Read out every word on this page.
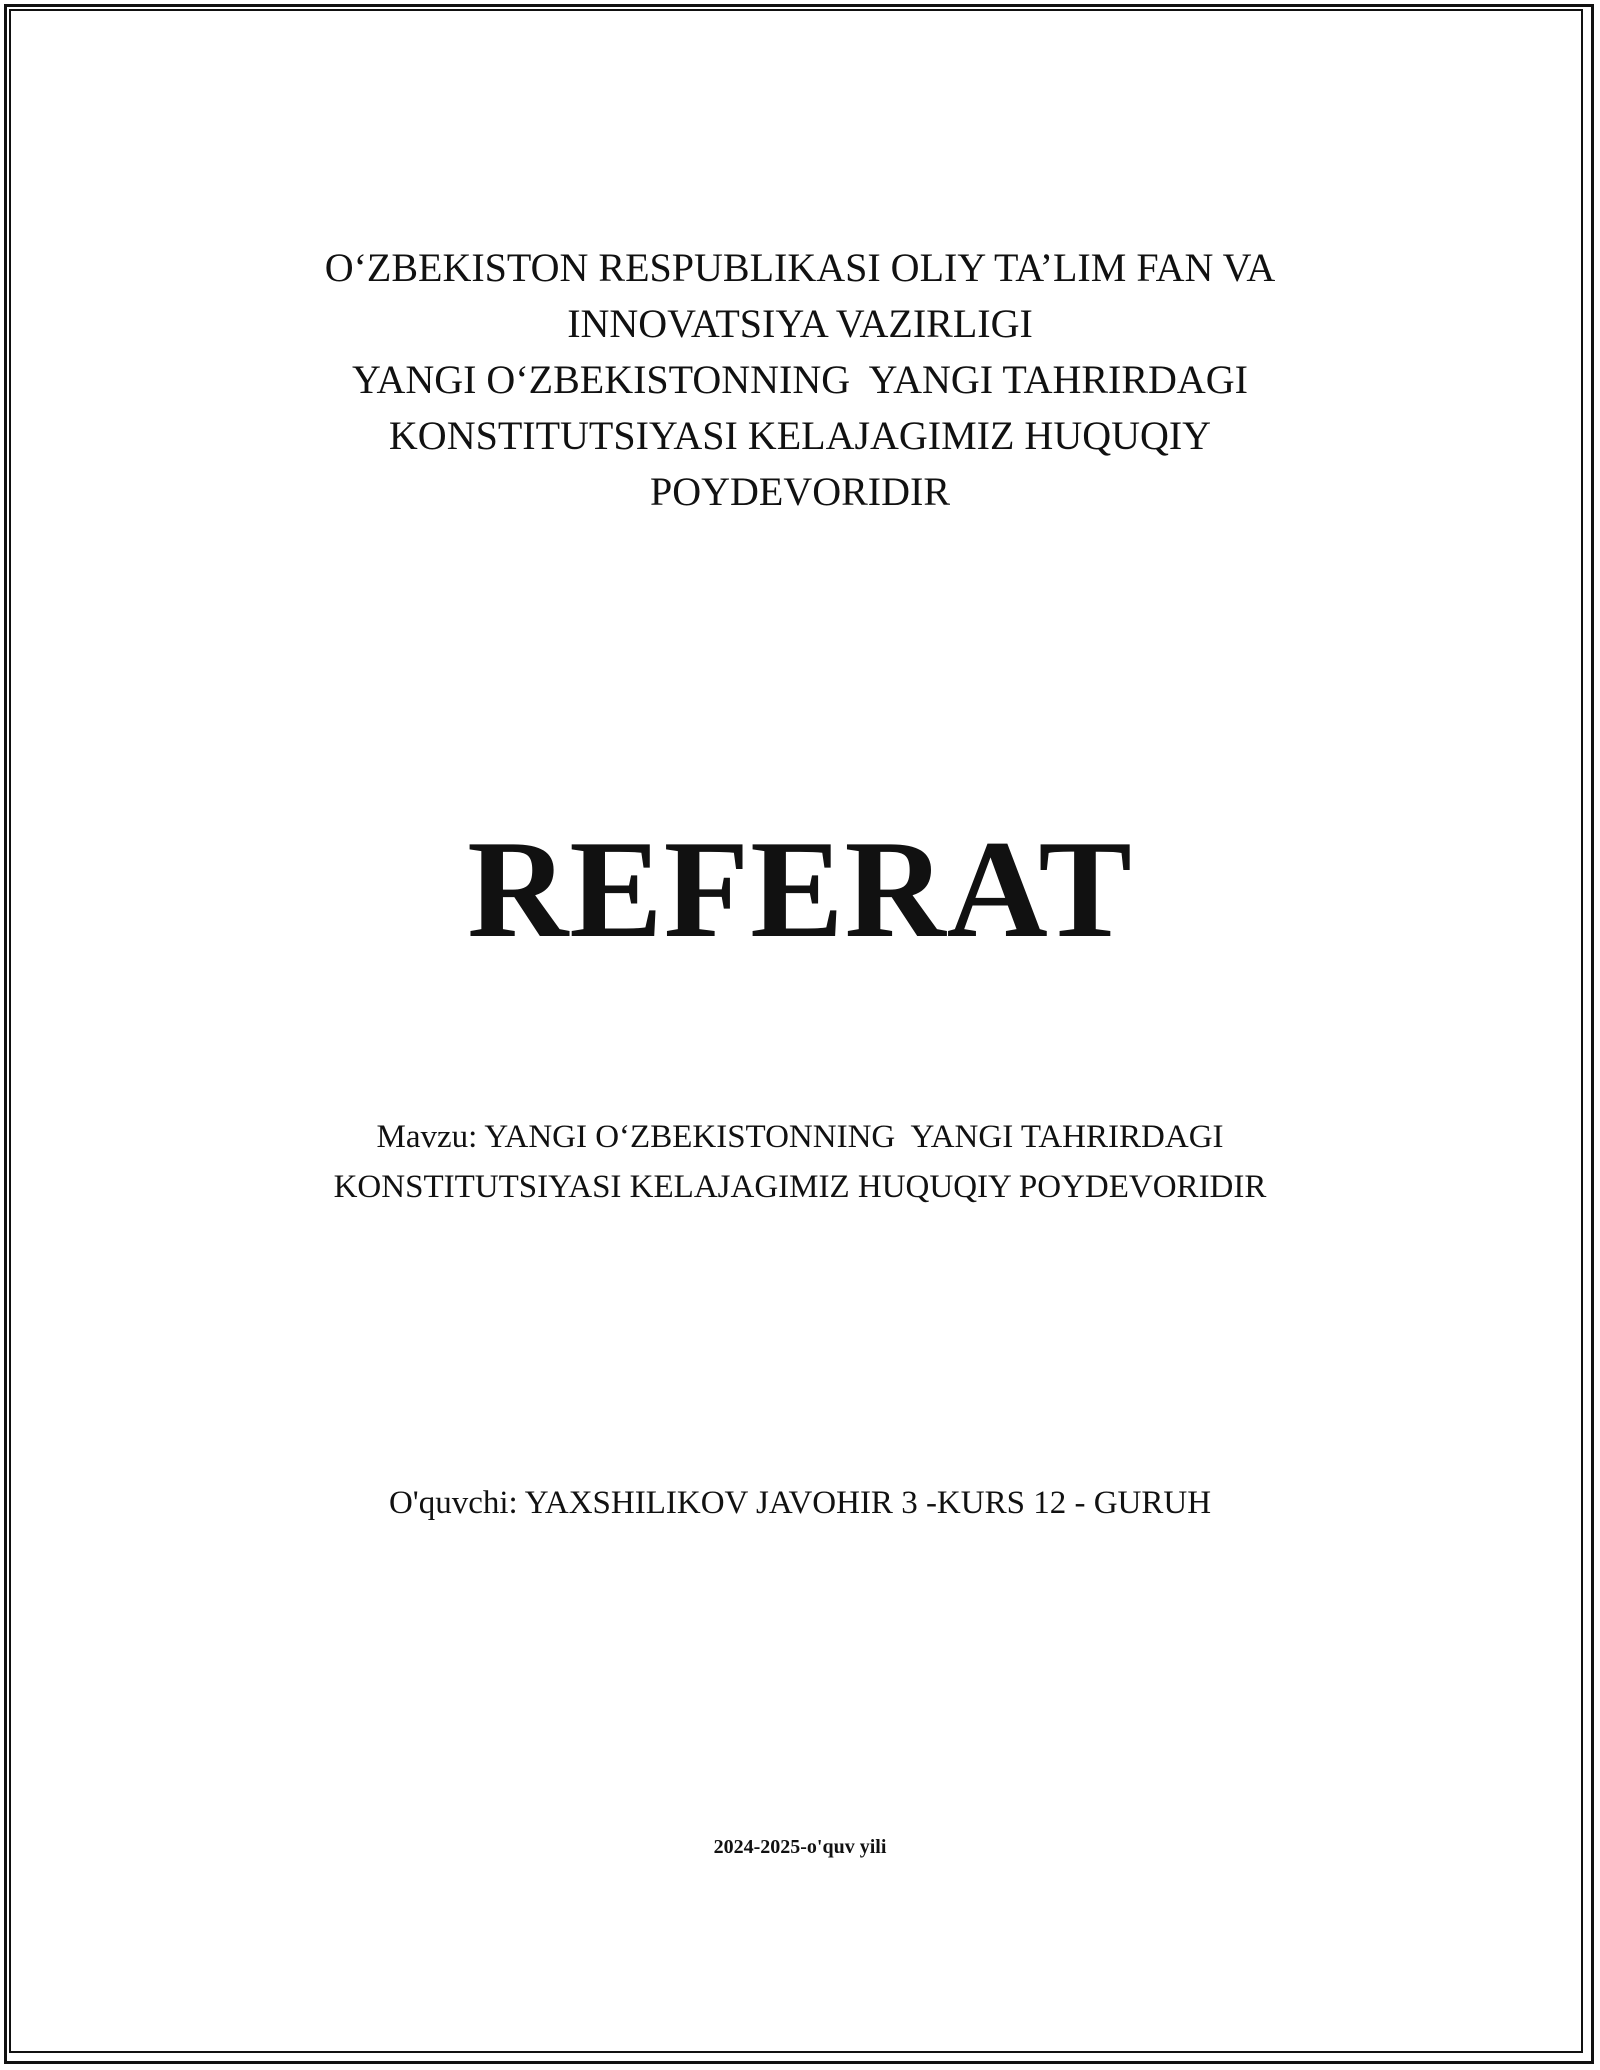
O‘ZBEKISTON RESPUBLIKASI OLIY TA’LIM FAN VA
INNOVATSIYA VAZIRLIGI
YANGI O‘ZBEKISTONNING  YANGI TAHRIRDAGI
KONSTITUTSIYASI KELAJAGIMIZ HUQUQIY
POYDEVORIDIR
REFERAT
Mavzu: YANGI O‘ZBEKISTONNING  YANGI TAHRIRDAGI
KONSTITUTSIYASI KELAJAGIMIZ HUQUQIY POYDEVORIDIR
O'quvchi: YAXSHILIKOV JAVOHIR 3 -KURS 12 - GURUH
2024-2025-o'quv yili
